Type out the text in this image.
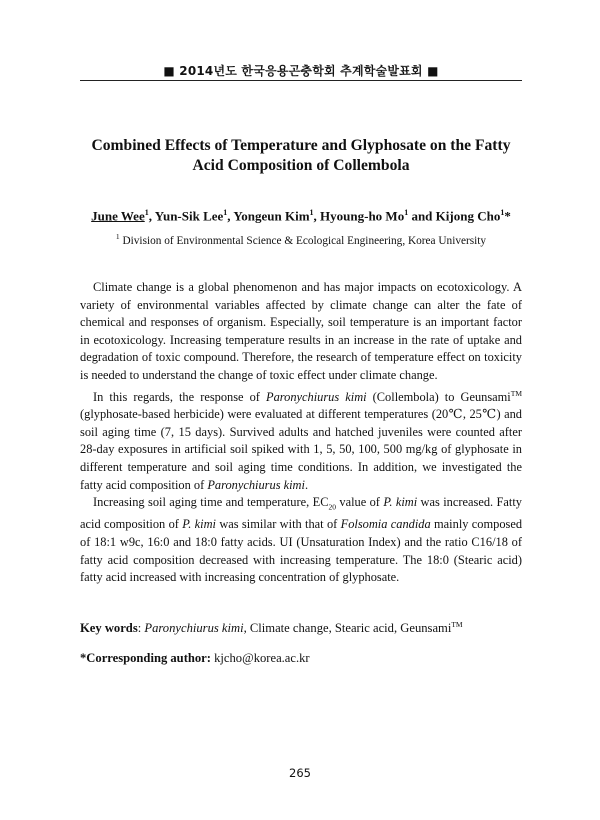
■ 2014년도 한국응용곤충학회 추계학술발표회 ■
Combined Effects of Temperature and Glyphosate on the Fatty
Acid Composition of Collembola
June Wee$^1$, Yun-Sik Lee$^1$, Yongeun Kim$^1$, Hyoung-ho Mo$^1$ and Kijong Cho$^1$*
$^1$ Division of Environmental Science & Ecological Engineering, Korea University

Climate change is a global phenomenon and has major impacts on ecotoxicology. A variety of environmental variables affected by climate change can alter the fate of chemical and responses of organism. Especially, soil temperature is an important factor in ecotoxicology. Increasing temperature results in an increase in the rate of uptake and degradation of toxic compound. Therefore, the research of temperature effect on toxicity is needed to understand the change of toxic effect under climate change.

In this regards, the response of Paronychiurus kimi (Collembola) to Geunsami™ (glyphosate-based herbicide) were evaluated at different temperatures (20℃, 25℃) and soil aging time (7, 15 days). Survived adults and hatched juveniles were counted after 28-day exposures in artificial soil spiked with 1, 5, 50, 100, 500 mg/kg of glyphosate in different temperature and soil aging time conditions. In addition, we investigated the fatty acid composition of Paronychiurus kimi.

Increasing soil aging time and temperature, $EC_{20}$ value of P. kimi was increased. Fatty acid composition of P. kimi was similar with that of Folsomia candida mainly composed of 18:1 w9c, 16:0 and 18:0 fatty acids. UI (Unsaturation Index) and the ratio C16/18 of fatty acid composition decreased with increasing temperature. The 18:0 (Stearic acid) fatty acid increased with increasing concentration of glyphosate.

Key words: Paronychiurus kimi, Climate change, Stearic acid, Geunsami™
*Corresponding author: kjcho@korea.ac.kr
265
